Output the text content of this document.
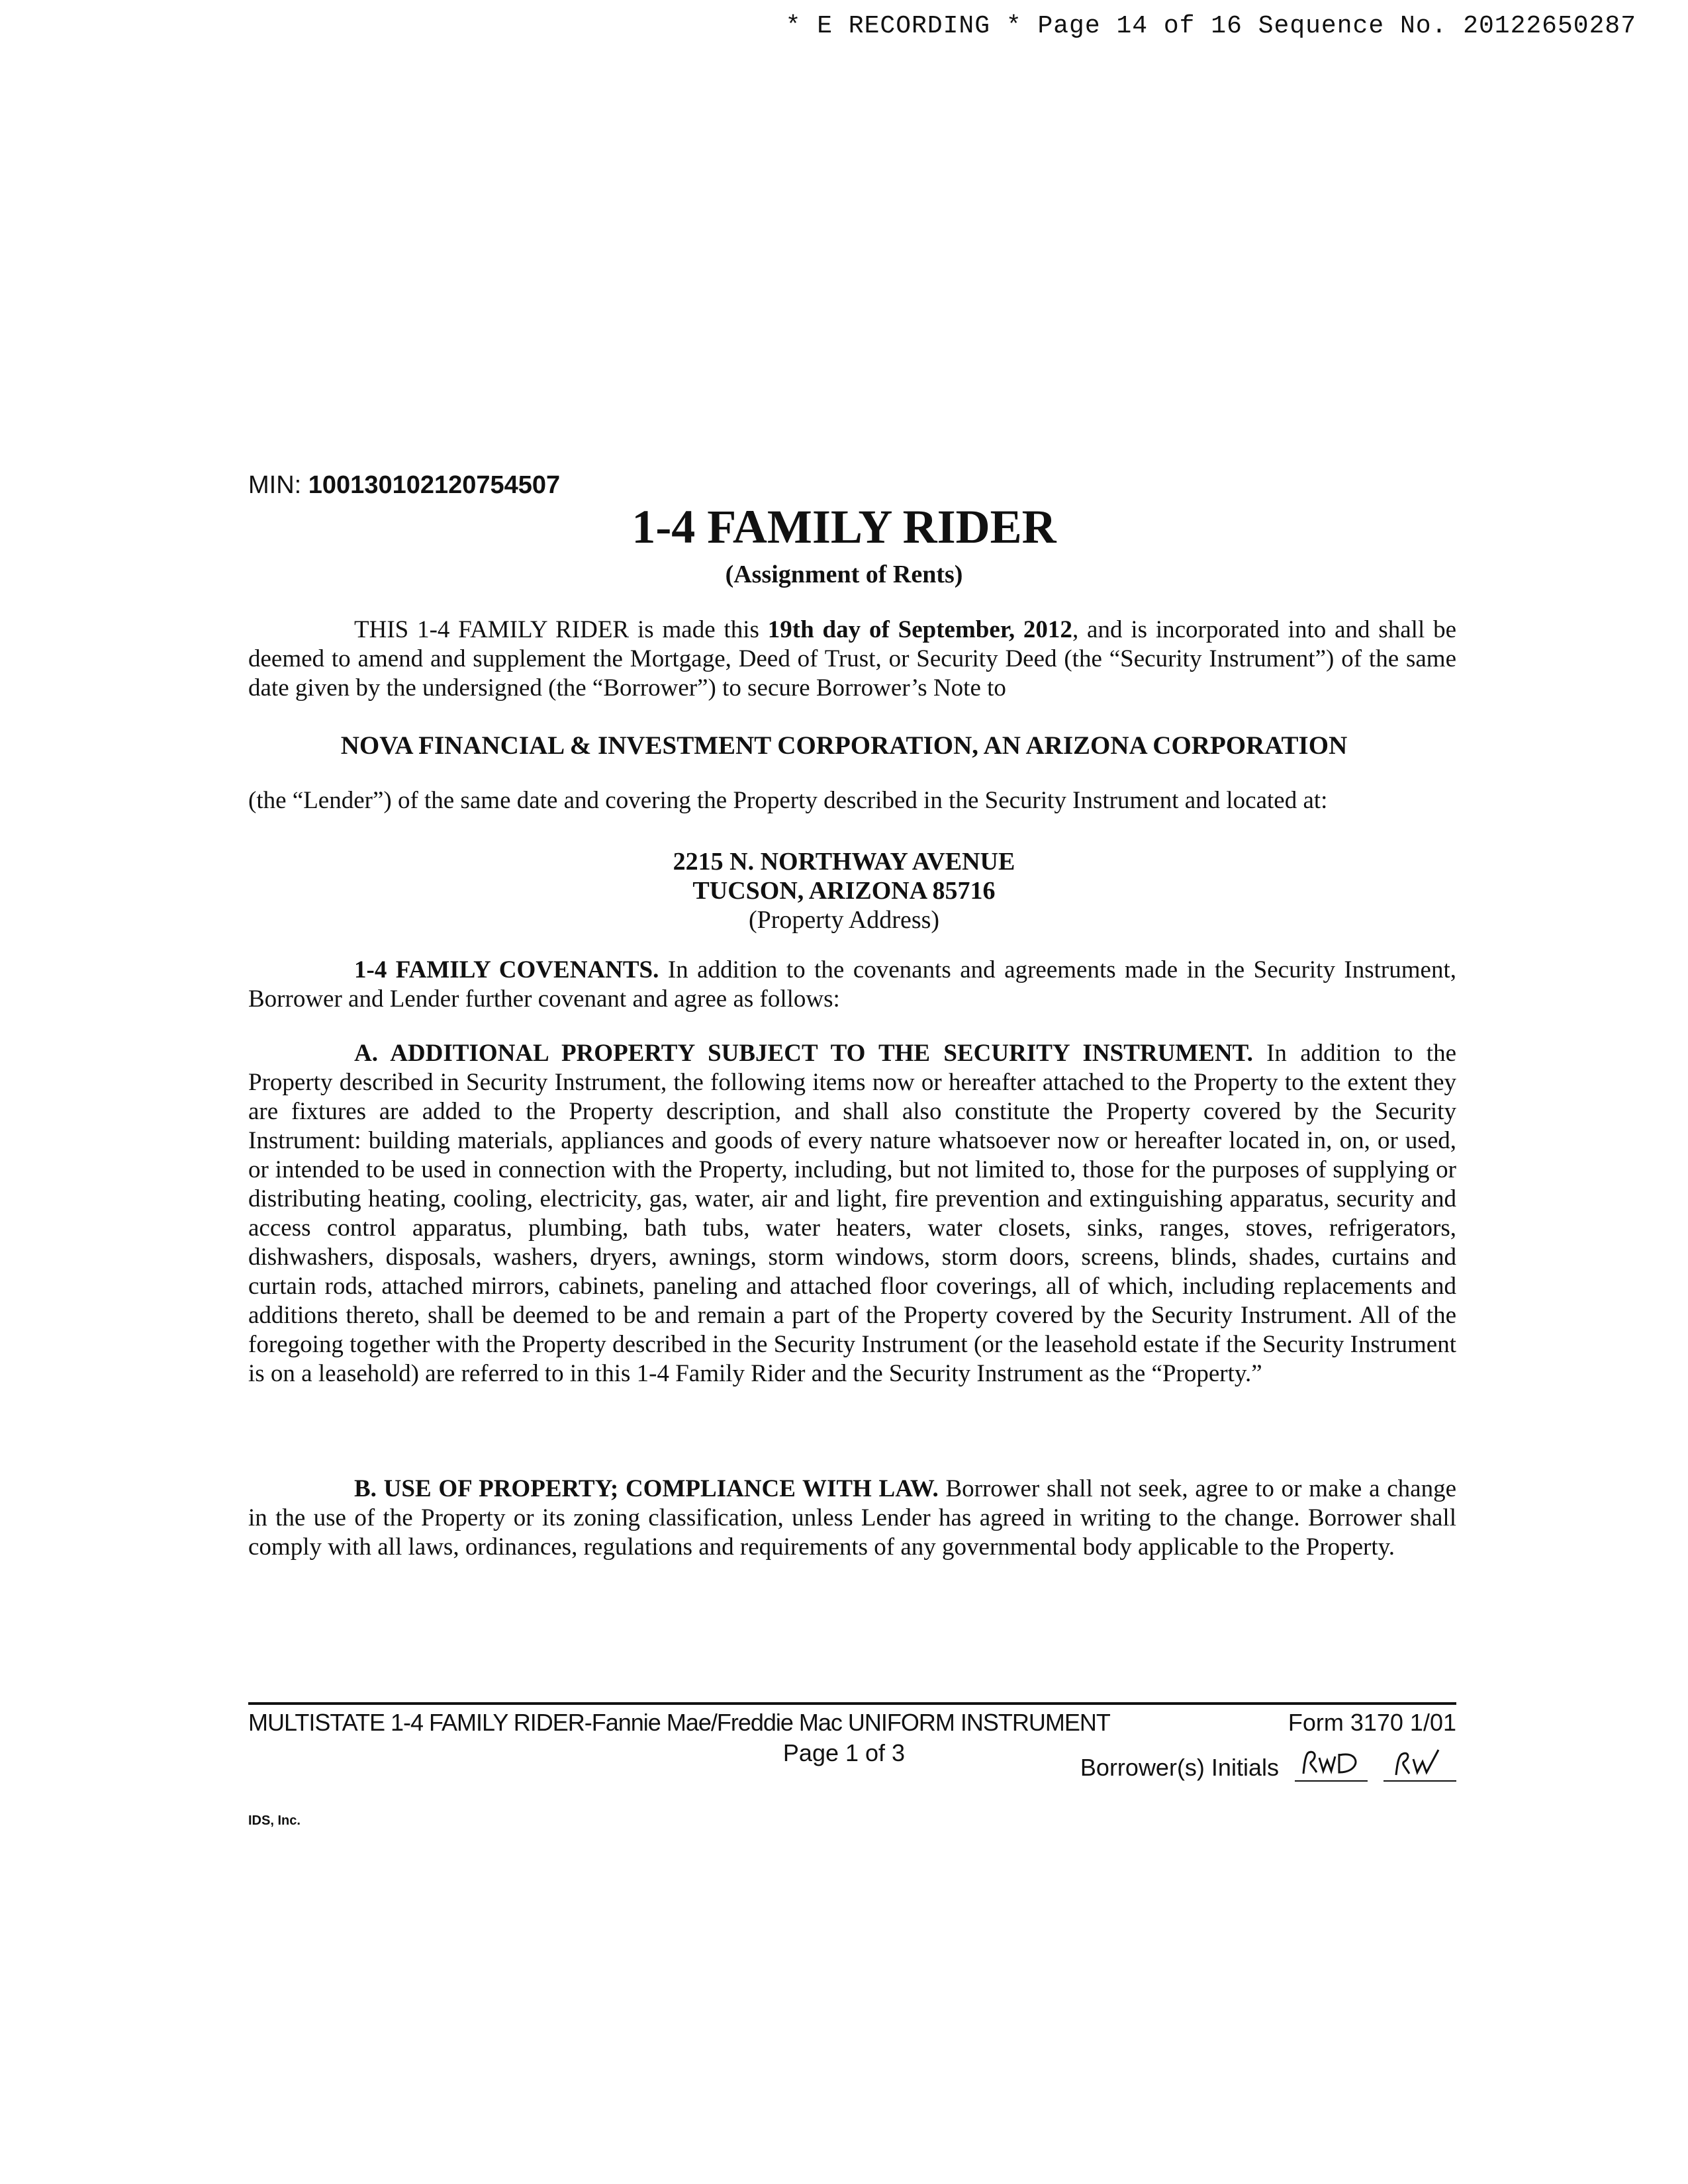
* E RECORDING * Page 14 of 16 Sequence No. 20122650287
MIN: 100130102120754507
1-4 FAMILY RIDER
(Assignment of Rents)
THIS 1-4 FAMILY RIDER is made this 19th day of September, 2012, and is incorporated into and shall be deemed to amend and supplement the Mortgage, Deed of Trust, or Security Deed (the “Security Instrument”) of the same date given by the undersigned (the “Borrower”) to secure Borrower’s Note to
NOVA FINANCIAL & INVESTMENT CORPORATION, AN ARIZONA CORPORATION
(the “Lender”) of the same date and covering the Property described in the Security Instrument and located at:
2215 N. NORTHWAY AVENUE
TUCSON, ARIZONA 85716
(Property Address)
1-4 FAMILY COVENANTS. In addition to the covenants and agreements made in the Security Instrument, Borrower and Lender further covenant and agree as follows:
A. ADDITIONAL PROPERTY SUBJECT TO THE SECURITY INSTRUMENT. In addition to the Property described in Security Instrument, the following items now or hereafter attached to the Property to the extent they are fixtures are added to the Property description, and shall also constitute the Property covered by the Security Instrument: building materials, appliances and goods of every nature whatsoever now or hereafter located in, on, or used, or intended to be used in connection with the Property, including, but not limited to, those for the purposes of supplying or distributing heating, cooling, electricity, gas, water, air and light, fire prevention and extinguishing apparatus, security and access control apparatus, plumbing, bath tubs, water heaters, water closets, sinks, ranges, stoves, refrigerators, dishwashers, disposals, washers, dryers, awnings, storm windows, storm doors, screens, blinds, shades, curtains and curtain rods, attached mirrors, cabinets, paneling and attached floor coverings, all of which, including replacements and additions thereto, shall be deemed to be and remain a part of the Property covered by the Security Instrument. All of the foregoing together with the Property described in the Security Instrument (or the leasehold estate if the Security Instrument is on a leasehold) are referred to in this 1-4 Family Rider and the Security Instrument as the “Property.”
B. USE OF PROPERTY; COMPLIANCE WITH LAW. Borrower shall not seek, agree to or make a change in the use of the Property or its zoning classification, unless Lender has agreed in writing to the change. Borrower shall comply with all laws, ordinances, regulations and requirements of any governmental body applicable to the Property.
MULTISTATE 1-4 FAMILY RIDER-Fannie Mae/Freddie Mac UNIFORM INSTRUMENT	Form 3170 1/01
Page 1 of 3
Borrower(s) Initials

IDS, Inc.
